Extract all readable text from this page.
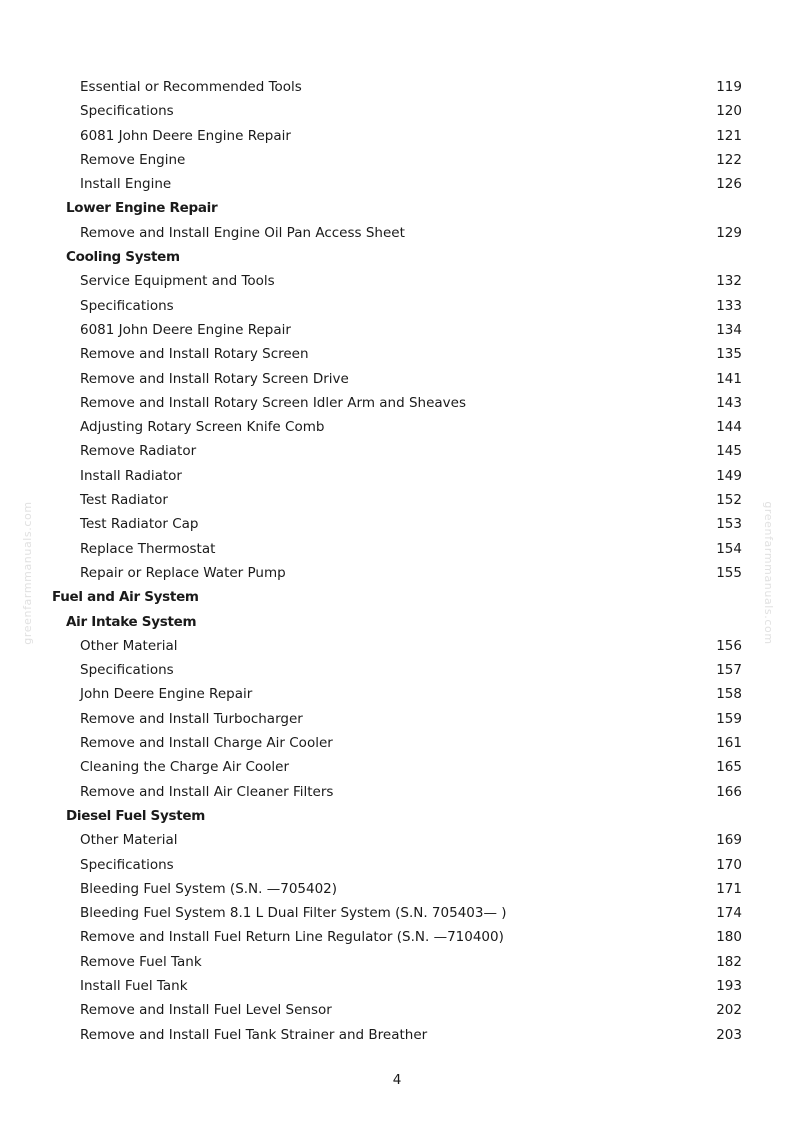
Essential or Recommended Tools	119
Specifications	120
6081 John Deere Engine Repair	121
Remove Engine	122
Install Engine	126
Lower Engine Repair
Remove and Install Engine Oil Pan Access Sheet	129
Cooling System
Service Equipment and Tools	132
Specifications	133
6081 John Deere Engine Repair	134
Remove and Install Rotary Screen	135
Remove and Install Rotary Screen Drive	141
Remove and Install Rotary Screen Idler Arm and Sheaves	143
Adjusting Rotary Screen Knife Comb	144
Remove Radiator	145
Install Radiator	149
Test Radiator	152
Test Radiator Cap	153
Replace Thermostat	154
Repair or Replace Water Pump	155
Fuel and Air System
Air Intake System
Other Material	156
Specifications	157
John Deere Engine Repair	158
Remove and Install Turbocharger	159
Remove and Install Charge Air Cooler	161
Cleaning the Charge Air Cooler	165
Remove and Install Air Cleaner Filters	166
Diesel Fuel System
Other Material	169
Specifications	170
Bleeding Fuel System (S.N. —705402)	171
Bleeding Fuel System 8.1 L Dual Filter System (S.N. 705403— )	174
Remove and Install Fuel Return Line Regulator (S.N. —710400)	180
Remove Fuel Tank	182
Install Fuel Tank	193
Remove and Install Fuel Level Sensor	202
Remove and Install Fuel Tank Strainer and Breather	203
4
greenfarmmanuals.com	greenfarmmanuals.com
